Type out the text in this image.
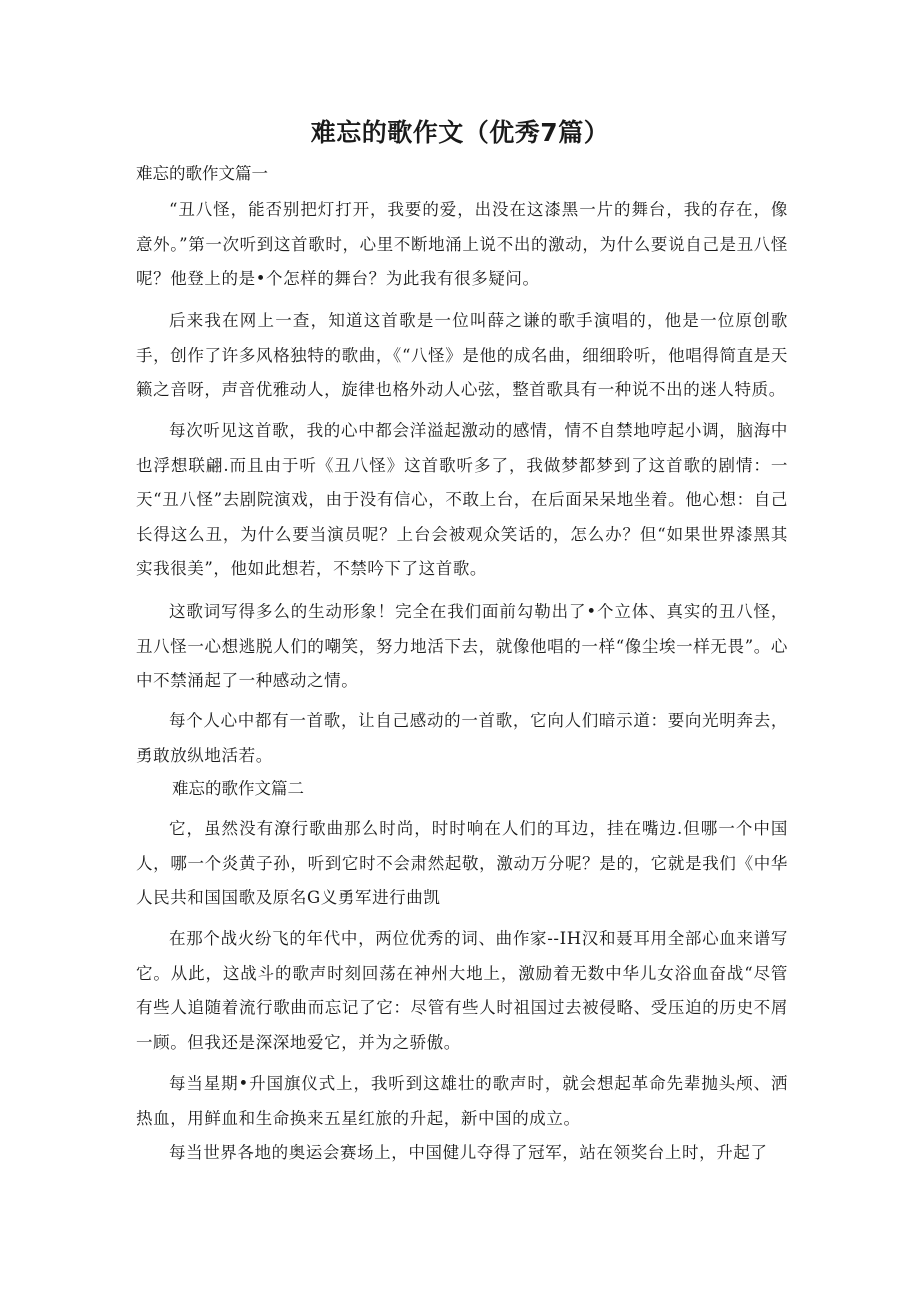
难忘的歌作文（优秀7篇）

难忘的歌作文篇一

“丑八怪，能否别把灯打开，我要的爱，出没在这漆黑一片的舞台，我的存在，像意外。”第一次听到这首歌时，心里不断地涌上说不出的激动，为什么要说自己是丑八怪呢？他登上的是•个怎样的舞台？为此我有很多疑问。

后来我在网上一查，知道这首歌是一位叫薛之谦的歌手演唱的，他是一位原创歌手，创作了许多风格独特的歌曲，《“八怪》是他的成名曲，细细聆听，他唱得简直是天籁之音呀，声音优雅动人，旋律也格外动人心弦，整首歌具有一种说不出的迷人特质。

每次听见这首歌，我的心中都会洋溢起激动的感情，情不自禁地哼起小调，脑海中也浮想联翩.而且由于听《丑八怪》这首歌听多了，我做梦都梦到了这首歌的剧情：一天“丑八怪”去剧院演戏，由于没有信心，不敢上台，在后面呆呆地坐着。他心想：自己长得这么丑，为什么要当演员呢？上台会被观众笑话的，怎么办？但“如果世界漆黑其实我很美”，他如此想若，不禁吟下了这首歌。

这歌词写得多么的生动形象！完全在我们面前勾勒出了•个立体、真实的丑八怪，丑八怪一心想逃脱人们的嘲笑，努力地活下去，就像他唱的一样“像尘埃一样无畏”。心中不禁涌起了一种感动之情。

每个人心中都有一首歌，让自己感动的一首歌，它向人们暗示道：要向光明奔去，勇敢放纵地活若。

难忘的歌作文篇二

它，虽然没有潦行歌曲那么时尚，时时响在人们的耳边，挂在嘴边.但哪一个中国人，哪一个炎黄子孙，听到它时不会肃然起敬，激动万分呢？是的，它就是我们《中华人民共和国国歌及原名G义勇军进行曲凯

在那个战火纷飞的年代中，两位优秀的词、曲作家--IH汉和聂耳用全部心血来谱写它。从此，这战斗的歌声时刻回荡在神州大地上，激励着无数中华儿女浴血奋战“尽管有些人追随着流行歌曲而忘记了它：尽管有些人时祖国过去被侵略、受压迫的历史不屑一顾。但我还是深深地爱它，并为之骄傲。

每当星期•升国旗仪式上，我听到这雄壮的歌声时，就会想起革命先辈抛头颅、洒热血，用鲜血和生命换来五星红旅的升起，新中国的成立。

每当世界各地的奥运会赛场上，中国健儿夺得了冠军，站在领奖台上时，升起了
